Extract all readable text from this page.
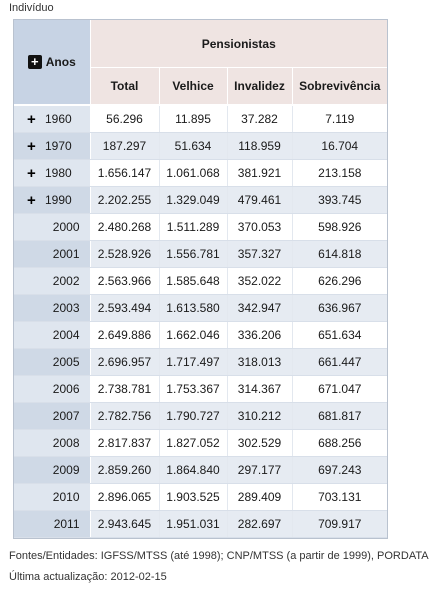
Indivíduo
+ Anos	Pensionistas			
	Total	Velhice	Invalidez	Sobrevivência
+ 1960	56.296	11.895	37.282	7.119
+ 1970	187.297	51.634	118.959	16.704
+ 1980	1.656.147	1.061.068	381.921	213.158
+ 1990	2.202.255	1.329.049	479.461	393.745
2000	2.480.268	1.511.289	370.053	598.926
2001	2.528.926	1.556.781	357.327	614.818
2002	2.563.966	1.585.648	352.022	626.296
2003	2.593.494	1.613.580	342.947	636.967
2004	2.649.886	1.662.046	336.206	651.634
2005	2.696.957	1.717.497	318.013	661.447
2006	2.738.781	1.753.367	314.367	671.047
2007	2.782.756	1.790.727	310.212	681.817
2008	2.817.837	1.827.052	302.529	688.256
2009	2.859.260	1.864.840	297.177	697.243
2010	2.896.065	1.903.525	289.409	703.131
2011	2.943.645	1.951.031	282.697	709.917
Fontes/Entidades: IGFSS/MTSS (até 1998); CNP/MTSS (a partir de 1999), PORDATA
Última actualização: 2012-02-15
